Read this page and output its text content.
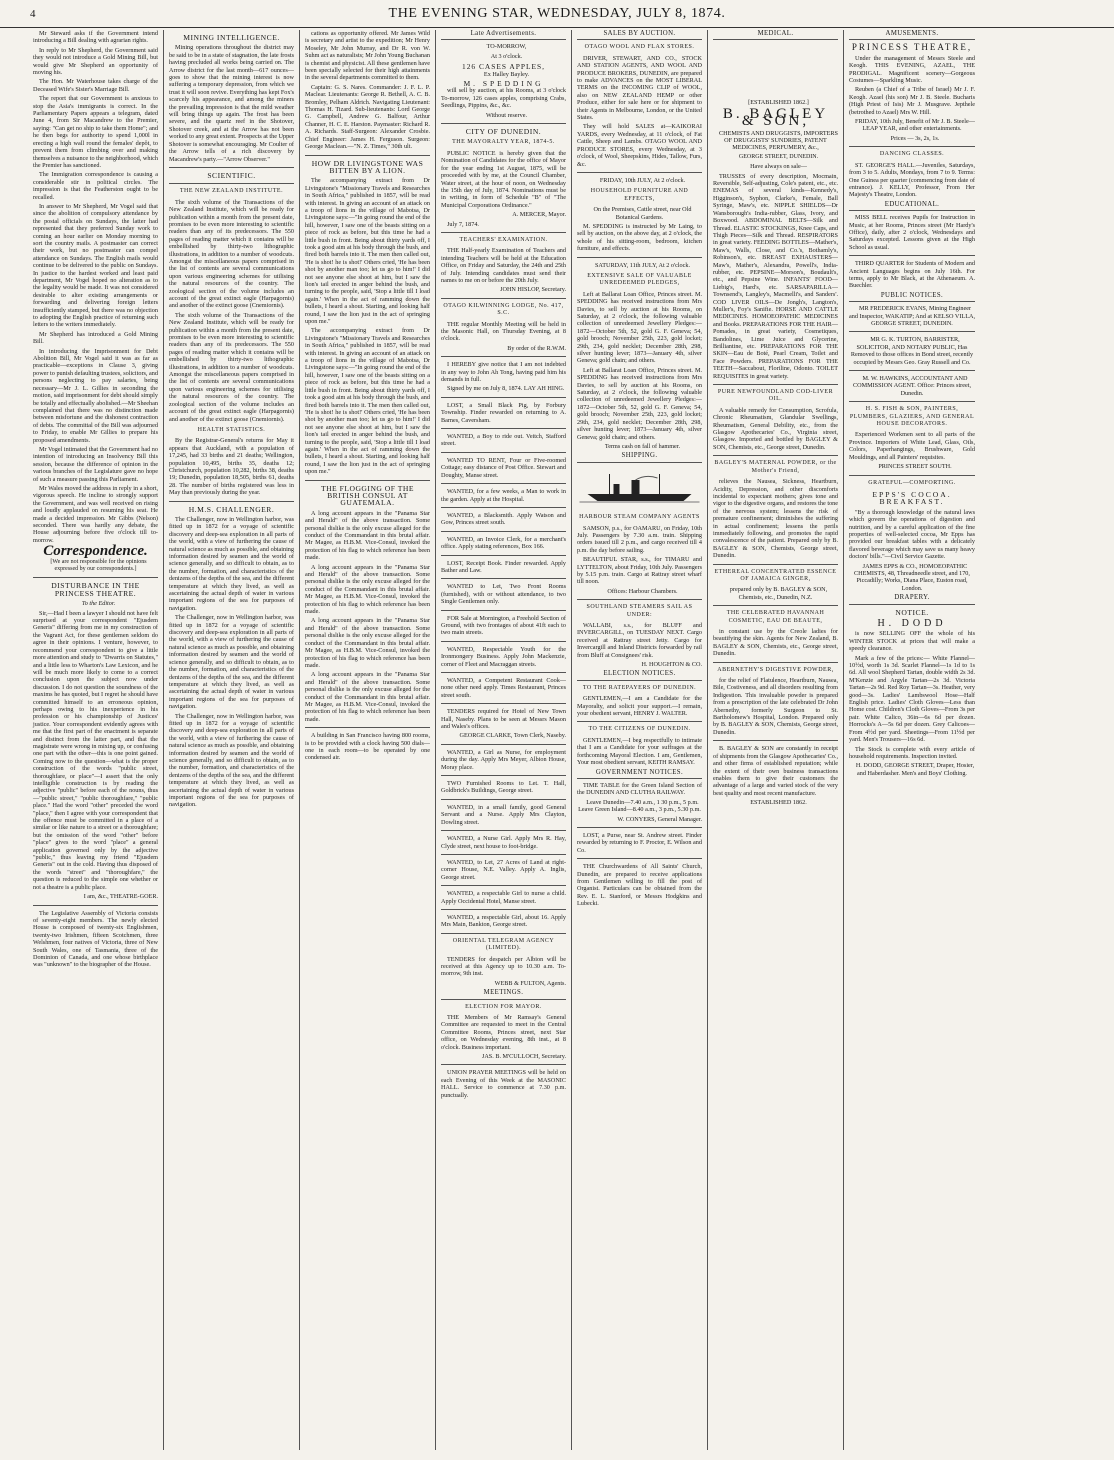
4	THE EVENING STAR, WEDNESDAY, JULY 8, 1874.

Mr Steward asks if the Government intend introducing a Bill dealing with agrarian rights.

In reply to Mr Shepherd, the Government said they would not introduce a Gold Mining Bill, but would give Mr Shepherd an opportunity of moving his.

The Hon. Mr Waterhouse takes charge of the Deceased Wife's Sister's Marriage Bill.

The report that our Government is anxious to stop the Asia's immigrants is correct. In the Parliamentary Papers appears a telegram, dated June 4, from Sir Macandrew to the Premier, saying: "Can get no ship to take them Home"; and he then begs for authority to spend 1,000l in erecting a high wall round the females' depôt, to prevent them from climbing over and making themselves a nuisance to the neighborhood, which the Premier has sanctioned.

The Immigration correspondence is causing a considerable stir in political circles. The impression is that the Featherston ought to be recalled.

In answer to Mr Shepherd, Mr Vogel said that since the abolition of compulsory attendance by the postal officials on Sundays, the latter had represented that they preferred Sunday work to coming an hour earlier on Monday morning to sort the country mails. A postmaster can correct their work, but no postmaster can compel attendance on Sundays. The English mails would continue to be delivered to the public on Sundays. In justice to the hardest worked and least paid department, Mr Vogel hoped no alteration as to the legality would be made. It was not considered desirable to alter existing arrangements or forwarding and delivering foreign letters insufficiently stamped, but there was no objection to adopting the English practice of returning such letters to the writers immediately.

Mr Shepherd has introduced a Gold Mining Bill.

In introducing the Imprisonment for Debt Abolition Bill, Mr Vogel said it was as far as practicable—exceptions in Clause 3, giving power to punish defaulting trustees, solicitors, and persons neglecting to pay salaries, being necessary—Mr J. L. Gillies in seconding the motion, said imprisonment for debt should simply be totally and effectually abolished.—Mr Sheehan complained that there was no distinction made between misfortune and the dishonest contraction of debts. The committal of the Bill was adjourned to Friday, to enable Mr Gillies to prepare his proposed amendments.

Mr Vogel intimated that the Government had no intention of introducing an Insolvency Bill this session, because the difference of opinion in the various branches of the Legislature gave no hope of such a measure passing this Parliament.

Mr Wales moved the address in reply in a short, vigorous speech. He incline to strongly support the Government, and was well received on rising and loudly applauded on resuming his seat. He made a decided impression. Mr Gibbs (Nelson) seconded. There was hardly any debate, the House adjourning before five o'clock till to-morrow.

Correspondence.

[We are not responsible for the opinions expressed by our correspondents.]

DISTURBANCE IN THE PRINCESS THEATRE.

To the Editor.

Sir,—Had I been a lawyer I should not have felt surprised at your correspondent "Ejusdem Generis" differing from me in my construction of the Vagrant Act, for these gentlemen seldom do agree in their opinions. I venture, however, to recommend your correspondent to give a little more attention and study to "Dwarris on Statutes," and a little less to Wharton's Law Lexicon, and he will be much more likely to come to a correct conclusion upon the subject now under discussion. I do not question the soundness of the maxims he has quoted, but I regret he should have committed himself to an erroneous opinion, perhaps owing to his inexperience in his profession or his championship of Justices' justice. Your correspondent evidently agrees with me that the first part of the enactment is separate and distinct from the latter part, and that the magistrate were wrong in mixing up, or confusing one part with the other—this is one point gained. Coming now to the question—what is the proper construction of the words "public street, thoroughfare, or place"—I assert that the only intelligible construction is by reading the adjective "public" before each of the nouns, thus—"public street," "public thoroughfare," "public place." Had the word "other" preceded the word "place," then I agree with your correspondent that the offence must be committed in a place of a similar or like nature to a street or a thoroughfare; but the omission of the word "other" before "place" gives to the word "place" a general application governed only by the adjective "public," thus leaving my friend "Ejusdem Generis" out in the cold. Having thus disposed of the words "street" and "thoroughfare," the question is reduced to the simple one whether or not a theatre is a public place.

I am, &c., THEATRE-GOER.

The Legislative Assembly of Victoria consists of seventy-eight members. The newly elected House is composed of twenty-six Englishmen, twenty-two Irishmen, fifteen Scotchmen, three Welshmen, four natives of Victoria, three of New South Wales, one of Tasmania, three of the Dominion of Canada, and one whose birthplace was "unknown" to the biographer of the House.

MINING INTELLIGENCE.

Mining operations throughout the district may be said to be in a state of stagnation, the late frosts having precluded all works being carried on. The Arrow district for the last month—617 ounces—goes to show that the mining interest is now suffering a temporary depression, from which we trust it will soon revive. Everything has kept Fox's scarcely his appearance, and among the miners the prevailing impression is that the mild weather will bring things up again. The frost has been severe, and the quartz reef in the Shotover, Shotover creek, and at the Arrow has not been worked to any great extent. Prospects at the Upper Shotover is somewhat encouraging. Mr Coulter of the Arrow tells of a rich discovery by Macandrew's party.—"Arrow Observer."

SCIENTIFIC.
THE NEW ZEALAND INSTITUTE.

The sixth volume of the Transactions of the New Zealand Institute, which will be ready for publication within a month from the present date, promises to be even more interesting to scientific readers than any of its predecessors. The 550 pages of reading matter which it contains will be embellished by thirty-two lithographic illustrations, in addition to a number of woodcuts. Amongst the miscellaneous papers comprised in the list of contents are several communications upon various engineering schemes for utilising the natural resources of the country. The zoological section of the volume includes an account of the great extinct eagle (Harpagornis) and another of the extinct goose (Cnemiornis).

The sixth volume of the Transactions of the New Zealand Institute, which will be ready for publication within a month from the present date, promises to be even more interesting to scientific readers than any of its predecessors. The 550 pages of reading matter which it contains will be embellished by thirty-two lithographic illustrations, in addition to a number of woodcuts. Amongst the miscellaneous papers comprised in the list of contents are several communications upon various engineering schemes for utilising the natural resources of the country. The zoological section of the volume includes an account of the great extinct eagle (Harpagornis) and another of the extinct goose (Cnemiornis).

HEALTH STATISTICS.

By the Registrar-General's returns for May it appears that Auckland, with a population of 17,245, had 33 births and 21 deaths; Wellington, population 10,495, births 35, deaths 12; Christchurch, population 10,282, births 38, deaths 19; Dunedin, population 18,505, births 61, deaths 28. The number of births registered was less in May than previously during the year.

H.M.S. CHALLENGER.

The Challenger, now in Wellington harbor, was fitted up in 1872 for a voyage of scientific discovery and deep-sea exploration in all parts of the world, with a view of furthering the cause of natural science as much as possible, and obtaining information desired by seamen and the world of science generally, and so difficult to obtain, as to the number, formation, and characteristics of the denizens of the depths of the sea, and the different temperature at which they lived, as well as ascertaining the actual depth of water in various important regions of the sea for purposes of navigation.

The Challenger, now in Wellington harbor, was fitted up in 1872 for a voyage of scientific discovery and deep-sea exploration in all parts of the world, with a view of furthering the cause of natural science as much as possible, and obtaining information desired by seamen and the world of science generally, and so difficult to obtain, as to the number, formation, and characteristics of the denizens of the depths of the sea, and the different temperature at which they lived, as well as ascertaining the actual depth of water in various important regions of the sea for purposes of navigation.

The Challenger, now in Wellington harbor, was fitted up in 1872 for a voyage of scientific discovery and deep-sea exploration in all parts of the world, with a view of furthering the cause of natural science as much as possible, and obtaining information desired by seamen and the world of science generally, and so difficult to obtain, as to the number, formation, and characteristics of the denizens of the depths of the sea, and the different temperature at which they lived, as well as ascertaining the actual depth of water in various important regions of the sea for purposes of navigation.

cations as opportunity offered. Mr James Wild is secretary and artist to the expedition; Mr Henry Moseley, Mr John Murray, and Dr R. von W. Suhm act as naturalists; Mr John Young Buchanan is chemist and physicist. All these gentlemen have been specially selected for their high attainments in the several departments committed to them.

Captain: G. S. Nares. Commander: J. F. L. P. Maclear. Lieutenants: George R. Bethell, A. C. B. Bromley, Pelham Aldrich. Navigating Lieutenant: Thomas H. Tizard. Sub-lieutenants: Lord George G. Campbell, Andrew G. Balfour, Arthur Channer, H. C. E. Harston. Paymaster: Richard R. A. Richards. Staff-Surgeon: Alexander Crosbie. Chief Engineer: James H. Ferguson. Surgeon: George Maclean.—"N. Z. Times," 30th ult.

HOW DR LIVINGSTONE WAS BITTEN BY A LION.

The accompanying extract from Dr Livingstone's "Missionary Travels and Researches in South Africa," published in 1857, will be read with interest. In giving an account of an attack on a troop of lions in the village of Mabotsa, Dr Livingstone says:—"In going round the end of the hill, however, I saw one of the beasts sitting on a piece of rock as before, but this time he had a little bush in front. Being about thirty yards off, I took a good aim at his body through the bush, and fired both barrels into it. The men then called out, 'He is shot! he is shot!' Others cried, 'He has been shot by another man too; let us go to him!' I did not see anyone else shoot at him, but I saw the lion's tail erected in anger behind the bush, and turning to the people, said, 'Stop a little till I load again.' When in the act of ramming down the bullets, I heard a shout. Starting, and looking half round, I saw the lion just in the act of springing upon me."

The accompanying extract from Dr Livingstone's "Missionary Travels and Researches in South Africa," published in 1857, will be read with interest. In giving an account of an attack on a troop of lions in the village of Mabotsa, Dr Livingstone says:—"In going round the end of the hill, however, I saw one of the beasts sitting on a piece of rock as before, but this time he had a little bush in front. Being about thirty yards off, I took a good aim at his body through the bush, and fired both barrels into it. The men then called out, 'He is shot! he is shot!' Others cried, 'He has been shot by another man too; let us go to him!' I did not see anyone else shoot at him, but I saw the lion's tail erected in anger behind the bush, and turning to the people, said, 'Stop a little till I load again.' When in the act of ramming down the bullets, I heard a shout. Starting, and looking half round, I saw the lion just in the act of springing upon me."

THE FLOGGING OF THE BRITISH CONSUL AT GUATEMALA.

A long account appears in the "Panama Star and Herald" of the above transaction. Some personal dislike is the only excuse alleged for the conduct of the Commandant in this brutal affair. Mr Magee, as H.B.M. Vice-Consul, invoked the protection of his flag to which reference has been made.

A long account appears in the "Panama Star and Herald" of the above transaction. Some personal dislike is the only excuse alleged for the conduct of the Commandant in this brutal affair. Mr Magee, as H.B.M. Vice-Consul, invoked the protection of his flag to which reference has been made.

A long account appears in the "Panama Star and Herald" of the above transaction. Some personal dislike is the only excuse alleged for the conduct of the Commandant in this brutal affair. Mr Magee, as H.B.M. Vice-Consul, invoked the protection of his flag to which reference has been made.

A long account appears in the "Panama Star and Herald" of the above transaction. Some personal dislike is the only excuse alleged for the conduct of the Commandant in this brutal affair. Mr Magee, as H.B.M. Vice-Consul, invoked the protection of his flag to which reference has been made.

A building in San Francisco having 800 rooms, is to be provided with a clock having 500 dials—one in each room—to be operated by one condensed air.

Late Advertisements.

TO-MORROW,

At 3 o'clock.

126 CASES APPLES,

Ex Halley Bayley.

M. SPEDDING

will sell by auction, at his Rooms, at 3 o'clock To-morrow, 126 cases apples, comprising Crabs, Seedlings, Pippins, &c., &c.

Without reserve.

CITY OF DUNEDIN.
THE MAYORALTY YEAR, 1874-5.

PUBLIC NOTICE is hereby given that the Nomination of Candidates for the office of Mayor for the year ending 1st August, 1875, will be proceeded with by me, at the Council Chamber, Water street, at the hour of noon, on Wednesday the 15th day of July, 1874. Nominations must be in writing, in form of Schedule "B" of "The Municipal Corporations Ordinance."

A. MERCER, Mayor.

July 7, 1874.

TEACHERS' EXAMINATION.

THE Half-yearly Examination of Teachers and intending Teachers will be held at the Education Office, on Friday and Saturday, the 24th and 25th of July. Intending candidates must send their names to me on or before the 20th July.

JOHN HISLOP, Secretary.

OTAGO KILWINNING LODGE, No. 417, S.C.

THE regular Monthly Meeting will be held in the Masonic Hall, on Thursday Evening, at 8 o'clock.

By order of the R.W.M.

I HEREBY give notice that I am not indebted in any way to John Ah Tong, having paid him his demands in full.

Signed by me on July 8, 1874. LAY AH HING.

LOST, a Small Black Pig, by Forbury Township. Finder rewarded on returning to A. Barnes, Caversham.

WANTED, a Boy to ride out. Veitch, Stafford street.

WANTED TO RENT, Four or Five-roomed Cottage; easy distance of Post Office. Stewart and Doughty, Manse street.

WANTED, for a few weeks, a Man to work in the garden. Apply at the Hospital.

WANTED, a Blacksmith. Apply Watson and Gow, Princes street south.

WANTED, an Invoice Clerk, for a merchant's office. Apply stating references, Box 166.

LOST, Receipt Book. Finder rewarded. Apply Bather and Law.

WANTED to Let, Two Front Rooms (furnished), with or without attendance, to two Single Gentlemen only.

FOR Sale at Mornington, a Freehold Section of Ground, with two frontages of about 41ft each to two main streets.

WANTED, Respectable Youth for the Ironmongery Business. Apply John Mackenzie, corner of Fleet and Macraggan streets.

WANTED, a Competent Restaurant Cook—none other need apply. Times Restaurant, Princes street south.

TENDERS required for Hotel of New Town Hall, Naseby. Plans to be seen at Messrs Mason and Wales's offices.

GEORGE CLARKE, Town Clerk, Naseby.

WANTED, a Girl as Nurse, for employment during the day. Apply Mrs Meyer, Albion House, Moray place.

TWO Furnished Rooms to Let. T. Hall, Goldbrick's Buildings, George street.

WANTED, in a small family, good General Servant and a Nurse. Apply Mrs Clayton, Dowling street.

WANTED, a Nurse Girl. Apply Mrs R. Hay, Clyde street, next house to foot-bridge.

WANTED, to Let, 27 Acres of Land at right-corner House, N.E. Valley. Apply A. Inglis, George street.

WANTED, a respectable Girl to nurse a child. Apply Occidental Hotel, Manse street.

WANTED, a respectable Girl, about 16. Apply Mrs Main, Bankton, George street.

ORIENTAL TELEGRAM AGENCY (LIMITED).

TENDERS for despatch per Albion will be received at this Agency up to 10.30 a.m. To-morrow, 9th inst.

WEBB & FULTON, Agents.

MEETINGS.
ELECTION FOR MAYOR.

THE Members of Mr Ramsay's General Committee are requested to meet in the Central Committee Rooms, Princes street, next Star office, on Wednesday evening, 8th inst., at 8 o'clock. Business important.

JAS. B. M'CULLOCH, Secretary.

UNION PRAYER MEETINGS will be held on each Evening of this Week at the MASONIC HALL. Service to commence at 7.30 p.m. punctually.

SALES BY AUCTION.
OTAGO WOOL AND FLAX STORES.

DRIVER, STEWART, AND CO., STOCK AND STATION AGENTS, AND WOOL AND PRODUCE BROKERS, DUNEDIN, are prepared to make ADVANCES on the MOST LIBERAL TERMS on the INCOMING CLIP of WOOL, also on NEW ZEALAND HEMP or other Produce, either for sale here or for shipment to their Agents in Melbourne, London, or the United States.

They will hold SALES at—KAIKORAI YARDS, every Wednesday, at 11 o'clock, of Fat Cattle, Sheep and Lambs. OTAGO WOOL AND PRODUCE STORES, every Wednesday, at 3 o'clock, of Wool, Sheepskins, Hides, Tallow, Furs, &c.

FRIDAY, 10th JULY, At 2 o'clock.

HOUSEHOLD FURNITURE AND EFFECTS,

On the Premises, Cattle street, near Old Botanical Gardens.

M. SPEDDING is instructed by Mr Laing, to sell by auction, on the above day, at 2 o'clock, the whole of his sitting-room, bedroom, kitchen furniture, and effects.

SATURDAY, 11th JULY, At 2 o'clock.

EXTENSIVE SALE OF VALUABLE UNREDEEMED PLEDGES,

Left at Ballarat Loan Office, Princes street. M. SPEDDING has received instructions from Mrs Davies, to sell by auction at his Rooms, on Saturday, at 2 o'clock, the following valuable collection of unredeemed Jewellery Pledges:—1872—October 5th, 52, gold G. F. Geneva; 54, gold brooch; November 25th, 223, gold locket; 29th, 234, gold necklet; December 28th, 298, silver hunting lever; 1873—January 4th, silver Geneva; gold chain; and others.

Left at Ballarat Loan Office, Princes street. M. SPEDDING has received instructions from Mrs Davies, to sell by auction at his Rooms, on Saturday, at 2 o'clock, the following valuable collection of unredeemed Jewellery Pledges:—1872—October 5th, 52, gold G. F. Geneva; 54, gold brooch; November 25th, 223, gold locket; 29th, 234, gold necklet; December 28th, 298, silver hunting lever; 1873—January 4th, silver Geneva; gold chain; and others.

Terms cash on fall of hammer.

SHIPPING.
HARBOUR STEAM COMPANY AGENTS

SAMSON, p.s., for OAMARU, on Friday, 10th July. Passengers by 7.30 a.m. train. Shipping orders issued till 2 p.m., and cargo received till 4 p.m. the day before sailing.

BEAUTIFUL STAR, s.s., for TIMARU and LYTTELTON, about Friday, 10th July. Passengers by 5.15 p.m. train. Cargo at Rattray street wharf till noon.

Offices: Harbour Chambers.

SOUTHLAND STEAMERS SAIL AS UNDER:

WALLABI, s.s., for BLUFF and INVERCARGILL, on TUESDAY NEXT. Cargo received at Rattray street Jetty. Cargo for Invercargill and Inland Districts forwarded by rail from Bluff at Consignees' risk.

H. HOUGHTON & CO.

ELECTION NOTICES.
TO THE RATEPAYERS OF DUNEDIN.

GENTLEMEN,—I am a Candidate for the Mayoralty, and solicit your support.—I remain, your obedient servant, HENRY J. WALTER.

TO THE CITIZENS OF DUNEDIN.

GENTLEMEN,—I beg respectfully to intimate that I am a Candidate for your suffrages at the forthcoming Mayoral Election. I am, Gentlemen, Your most obedient servant, KEITH RAMSAY.

GOVERNMENT NOTICES.

TIME TABLE for the Green Island Section of the DUNEDIN AND CLUTHA RAILWAY.

Leave Dunedin—7.40 a.m., 1 30 p.m., 5 p.m. Leave Green Island—8.40 a.m., 3 p.m., 5.30 p.m.

W. CONYERS, General Manager.

LOST, a Purse, near St. Andrew street. Finder rewarded by returning to F. Proctor, E. Wilson and Co.

THE Churchwardens of All Saints' Church, Dunedin, are prepared to receive applications from Gentlemen willing to fill the post of Organist. Particulars can be obtained from the Rev. E. L. Stanford, or Messrs Hodgkins and Lubecki.

MEDICAL.

[ESTABLISHED 1862.]

B. BAGLEY & SON,

CHEMISTS AND DRUGGISTS, IMPORTERS OF DRUGGISTS' SUNDRIES, PATENT MEDICINES, PERFUMERY, &c.,

GEORGE STREET, DUNEDIN.

Have always on sale—

TRUSSES of every description, Mocmain, Reversible, Self-adjusting, Cole's patent, etc., etc. ENEMAS of several kinds—Kennedy's, Higginson's, Syphon, Clarke's, Female, Ball Syringe, Maw's, etc. NIPPLE SHIELDS—Dr Wansborough's India-rubber, Glass, Ivory, and Boxwood. ABDOMINAL BELTS—Silk and Thread. ELASTIC STOCKINGS, Knee Caps, and Thigh Pieces—Silk and Thread. RESPIRATORS in great variety. FEEDING BOTTLES—Mather's, Maw's, Walls, Close, and Co.'s, Bothamly's, Robinson's, etc. BREAST EXHAUSTERS—Maw's, Mather's, Alexandra, Powell's, India-rubber, etc. PEPSINE—Morson's, Boudault's, etc., and Pepsine Wine. INFANTS' FOOD—Liebig's, Hard's, etc. SARSAPARILLA—Townsend's, Langley's, Macmelli's, and Sanders'. COD LIVER OILS—De Jongh's, Langton's, Muller's, Foy's Sanifie. HORSE AND CATTLE MEDICINES. HOMOEOPATHIC MEDICINES and Books. PREPARATIONS FOR THE HAIR—Pomades, in great variety, Cosmetiques, Bandolines, Lime Juice and Glycerine, Brilliantine, etc. PREPARATIONS FOR THE SKIN—Eau de Boté, Pearl Cream, Toilet and Face Powders. PREPARATIONS FOR THE TEETH—Saccabout, Floriline, Odonto. TOILET REQUISITES in great variety.

PURE NEWFOUNDLAND COD-LIVER OIL.

A valuable remedy for Consumption, Scrofula, Chronic Rheumatism, Glandular Swellings, Rheumatism, General Debility, etc., from the Glasgow Apothecaries' Co., Virginia street, Glasgow. Imported and bottled by BAGLEY & SON, Chemists, etc., George street, Dunedin.

BAGLEY'S MATERNAL POWDER, or the Mother's Friend,

relieves the Nausea, Sickness, Heartburn, Acidity, Depression, and other discomforts incidental to expectant mothers; gives tone and vigor to the digestive organs, and restores the tone of the nervous system; lessens the risk of premature confinement; diminishes the suffering in actual confinement; lessens the perils immediately following, and promotes the rapid convalescence of the patient. Prepared only by B. BAGLEY & SON, Chemists, George street, Dunedin.

ETHEREAL CONCENTRATED ESSENCE OF JAMAICA GINGER,

prepared only by B. BAGLEY & SON, Chemists, etc., Dunedin, N.Z.

THE CELEBRATED HAVANNAH COSMETIC, EAU DE BEAUTE,

in constant use by the Creole ladies for beautifying the skin. Agents for New Zealand, B. BAGLEY & SON, Chemists, etc., George street, Dunedin.

ABERNETHY'S DIGESTIVE POWDER,

for the relief of Flatulence, Heartburn, Nausea, Bile, Costiveness, and all disorders resulting from Indigestion. This invaluable powder is prepared from a prescription of the late celebrated Dr John Abernethy, formerly Surgeon to St. Bartholomew's Hospital, London. Prepared only by B. BAGLEY & SON, Chemists, George street, Dunedin.

B. BAGLEY & SON are constantly in receipt of shipments from the Glasgow Apothecaries' Co., and other firms of established reputation; while the extent of their own business transactions enables them to give their customers the advantage of a large and varied stock of the very best quality and most recent manufacture.

ESTABLISHED 1862.

AMUSEMENTS.
PRINCESS THEATRE,

Under the management of Messrs Steele and Keogh. THIS EVENING, AZAEL, THE PRODIGAL. Magnificent scenery—Gorgeous Costumes—Sparkling Music.

Reuben (a Chief of a Tribe of Israel) Mr J. F. Keogh. Azael (his son) Mr J. B. Steele. Bucharis (High Priest of Isis) Mr J. Musgrave. Jepthele (betrothed to Azael) Mrs W. Hill.

FRIDAY, 10th July, Benefit of Mr J. B. Steele—LEAP YEAR, and other entertainments.

Prices — 3s, 2s, 1s.

DANCING CLASSES.

ST. GEORGE'S HALL.—Juveniles, Saturdays, from 3 to 5. Adults, Mondays, from 7 to 9. Terms: One Guinea per quarter (commencing from date of entrance). J. KELLY, Professor, From Her Majesty's Theatre, London.

EDUCATIONAL.

MISS BELL receives Pupils for Instruction in Music, at her Rooms, Princes street (Mr Hardy's Office), daily, after 2 o'clock, Wednesdays and Saturdays excepted. Lessons given at the High School as usual.

THIRD QUARTER for Students of Modern and Ancient Languages begins on July 16th. For terms, apply to Mr Black, at the Athenaeum. A. Buechler.

PUBLIC NOTICES.

MR FREDERICK EVANS, Mining Engineer and Inspector, WAKATIP; And at KELSO VILLA, GEORGE STREET, DUNEDIN.

MR G. K. TURTON, BARRISTER, SOLICITOR, AND NOTARY PUBLIC, Has Removed to those offices in Bond street, recently occupied by Messrs Geo. Gray Russell and Co.

M. W. HAWKINS, ACCOUNTANT AND COMMISSION AGENT. Office: Princes street, Dunedin.

H. S. FISH & SON, PAINTERS, PLUMBERS, GLAZIERS, AND GENERAL HOUSE DECORATORS.

Experienced Workmen sent to all parts of the Province. Importers of White Lead, Glass, Oils, Colors, Paperhangings, Brushware, Gold Mouldings, and all Painters' requisites.

PRINCES STREET SOUTH.

GRATEFUL—COMFORTING.
EPPS'S COCOA. BREAKFAST.

"By a thorough knowledge of the natural laws which govern the operations of digestion and nutrition, and by a careful application of the fine properties of well-selected cocoa, Mr Epps has provided our breakfast tables with a delicately flavored beverage which may save us many heavy doctors' bills."—Civil Service Gazette.

JAMES EPPS & CO., HOMOEOPATHIC CHEMISTS, 48, Threadneedle street, and 170, Piccadilly; Works, Diana Place, Euston road, London.

DRAPERY.
NOTICE.
H. DODD

is now SELLING OFF the whole of his WINTER STOCK at prices that will make a speedy clearance.

Mark a few of the prices:— White Flannel—10½d, worth 1s 3d. Scarlet Flannel—1s 1d to 1s 6d. All wool Shepherd Tartan, double width 2s 3d. M'Kenzie and Argyle Tartan—2s 3d. Victoria Tartan—2s 9d. Red Roy Tartan—3s. Heather, very good—3s. Ladies' Lambswool Hose—Half English price. Ladies' Cloth Gloves—Less than Home cost. Children's Cloth Gloves—From 3s per pair. White Calico, 36in—6s 6d per dozen. Horrocks's A—5s 6d per dozen. Grey Calicoes—From 4½d per yard. Sheetings—From 11½d per yard. Men's Trousers—16s 6d.

The Stock is complete with every article of household requirements. Inspection invited.

H. DODD, GEORGE STREET, Draper, Hosier, and Haberdasher. Men's and Boys' Clothing.
